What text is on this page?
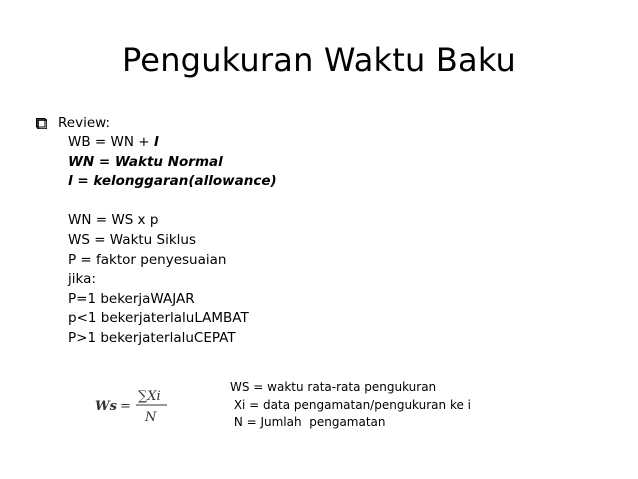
Pengukuran Waktu Baku
Review:
WB = WN + l
WN = Waktu Normal
l = kelonggaran(allowance)
WN = WS x p
WS = Waktu Siklus
P = faktor penyesuaian
jika:
P=1 bekerjaWAJAR
p<1 bekerjaterlaluLAMBAT
P>1 bekerjaterlaluCEPAT
Ws =
∑Xi
N
WS = waktu rata-rata pengukuran
Xi = data pengamatan/pengukuran ke i
N = Jumlah  pengamatan
